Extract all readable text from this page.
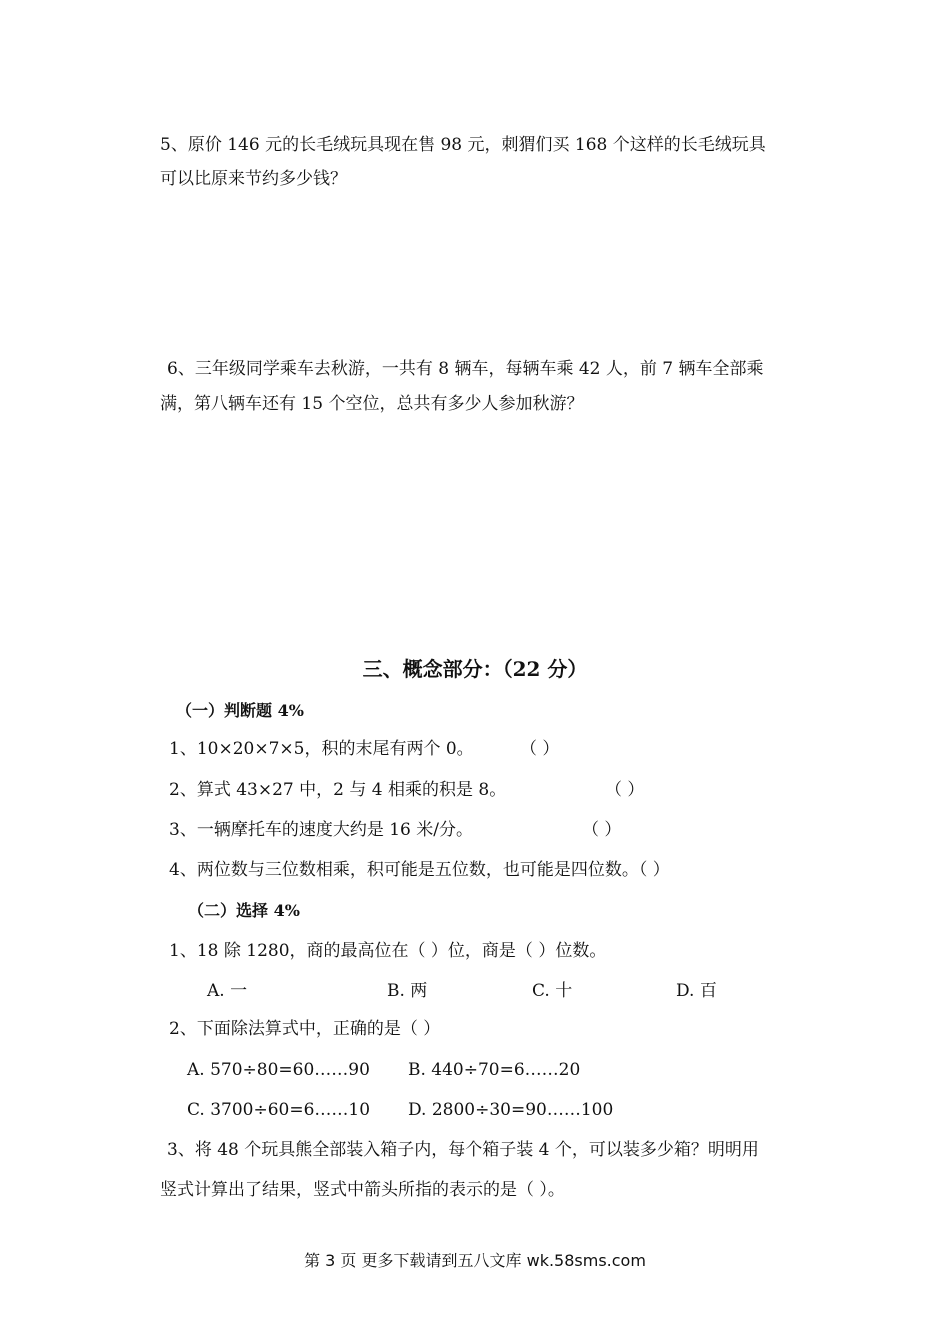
5、原价 146 元的长毛绒玩具现在售 98 元，刺猬们买 168 个这样的长毛绒玩具
可以比原来节约多少钱？
6、三年级同学乘车去秋游，一共有 8 辆车，每辆车乘 42 人，前 7 辆车全部乘
满，第八辆车还有 15 个空位，总共有多少人参加秋游？
三、概念部分：（22 分）
（一）判断题 4%
1、10×20×7×5，积的末尾有两个 0。	（ ）
2、算式 43×27 中，2 与 4 相乘的积是 8。	（ ）
3、一辆摩托车的速度大约是 16 米/分。	（ ）
4、两位数与三位数相乘，积可能是五位数，也可能是四位数。（ ）
（二）选择 4%
1、18 除 1280，商的最高位在（ ）位，商是（ ）位数。
A. 一	B. 两	C. 十	D. 百
2、下面除法算式中，正确的是（ ）
A. 570÷80=60……90 B. 440÷70=6……20
C. 3700÷60=6……10 D. 2800÷30=90……100
3、将 48 个玩具熊全部装入箱子内，每个箱子装 4 个，可以装多少箱？明明用
竖式计算出了结果，竖式中箭头所指的表示的是（ ）。
第 3 页 更多下载请到五八文库 wk.58sms.com
